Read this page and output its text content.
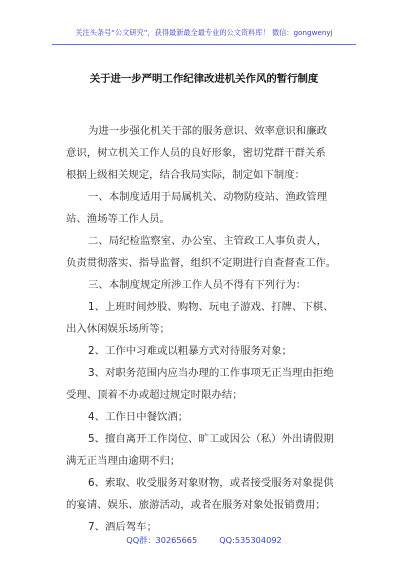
关注头条号“公文研究”，获得最新最全最专业的公文资料库！ 微信：gongwenyj
关于进一步严明工作纪律改进机关作风的暂行制度
为进一步强化机关干部的服务意识、效率意识和廉政
意识，树立机关工作人员的良好形象，密切党群干群关系
根据上级相关规定，结合我局实际，制定如下制度：
一、本制度适用于局属机关、动物防疫站、渔政管理
站、渔场等工作人员。
二、局纪检监察室、办公室、主管政工人事负责人，
负责贯彻落实、指导监督，组织不定期进行自查督查工作。
三、本制度规定所涉工作人员不得有下列行为：
1、上班时间炒股、购物、玩电子游戏、打牌、下棋、
出入休闲娱乐场所等；
2、工作中习难或以粗暴方式对待服务对象；
3、对职务范围内应当办理的工作事项无正当理由拒绝
受理、顶着不办或超过规定时限办结；
4、工作日中餐饮酒；
5、擅自离开工作岗位、旷工或因公（私）外出请假期
满无正当理由逾期不归；
6、索取、收受服务对象财物，或者接受服务对象提供
的宴请、娱乐、旅游活动，或者在服务对象处报销费用；
7、酒后驾车；
QQ群：30265665	QQ:535304092
